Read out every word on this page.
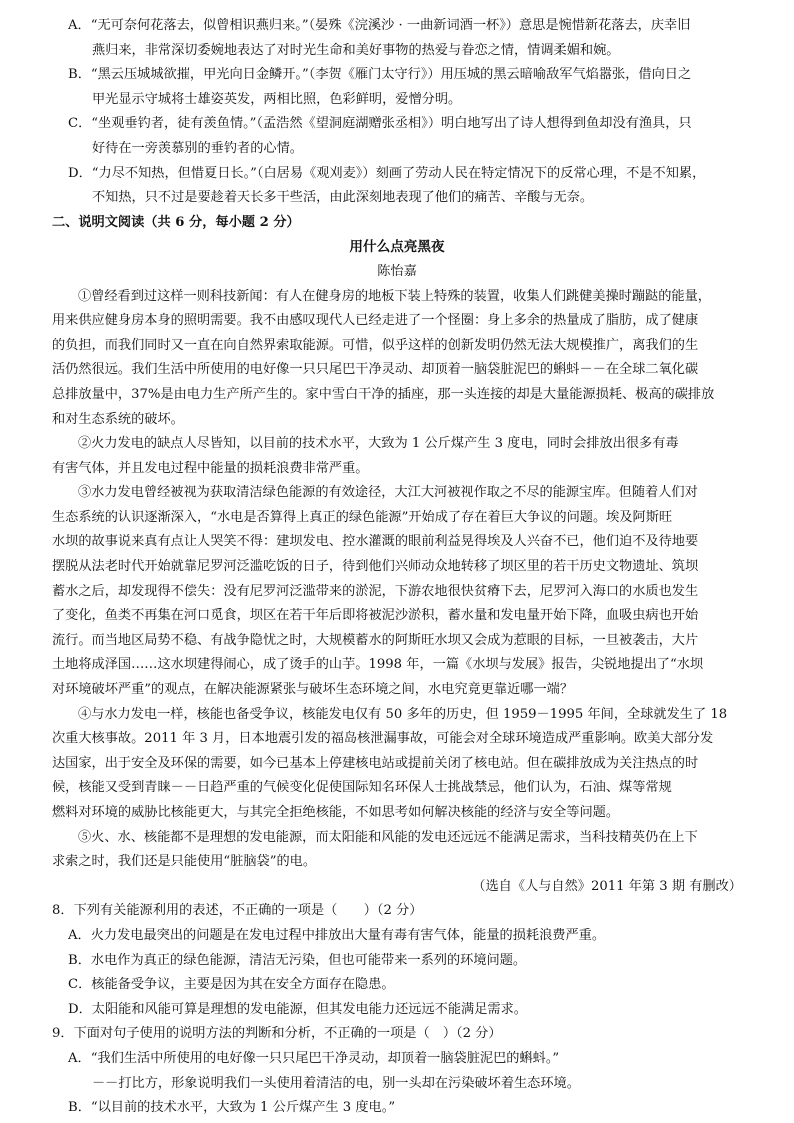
A．“无可奈何花落去，似曾相识燕归来。”（晏殊《浣溪沙 · 一曲新词酒一杯》）意思是惋惜新花落去，庆幸旧
燕归来，非常深切委婉地表达了对时光生命和美好事物的热爱与眷恋之情，情调柔媚和婉。
B．“黑云压城城欲摧，甲光向日金鳞开。”（李贺《雁门太守行》）用压城的黑云暗喻敌军气焰嚣张，借向日之
甲光显示守城将士雄姿英发，两相比照，色彩鲜明，爱憎分明。
C．“坐观垂钓者，徒有羡鱼情。”（孟浩然《望洞庭湖赠张丞相》）明白地写出了诗人想得到鱼却没有渔具，只
好待在一旁羡慕别的垂钓者的心情。
D．“力尽不知热，但惜夏日长。”（白居易《观刈麦》）刻画了劳动人民在特定情况下的反常心理，不是不知累，
不知热，只不过是要趁着天长多干些活，由此深刻地表现了他们的痛苦、辛酸与无奈。
二、说明文阅读（共 6 分，每小题 2 分）
用什么点亮黑夜
陈怡嘉
①曾经看到过这样一则科技新闻：有人在健身房的地板下装上特殊的装置，收集人们跳健美操时蹦跶的能量，
用来供应健身房本身的照明需要。我不由感叹现代人已经走进了一个怪圈：身上多余的热量成了脂肪，成了健康
的负担，而我们同时又一直在向自然界索取能源。可惜，似乎这样的创新发明仍然无法大规模推广，离我们的生
活仍然很远。我们生活中所使用的电好像一只只尾巴干净灵动、却顶着一脑袋脏泥巴的蝌蚪－－在全球二氧化碳
总排放量中，37%是由电力生产所产生的。家中雪白干净的插座，那一头连接的却是大量能源损耗、极高的碳排放
和对生态系统的破坏。
②火力发电的缺点人尽皆知，以目前的技术水平，大致为 1 公斤煤产生 3 度电，同时会排放出很多有毒
有害气体，并且发电过程中能量的损耗浪费非常严重。
③水力发电曾经被视为获取清洁绿色能源的有效途径，大江大河被视作取之不尽的能源宝库。但随着人们对
生态系统的认识逐渐深入，“水电是否算得上真正的绿色能源”开始成了存在着巨大争议的问题。埃及阿斯旺
水坝的故事说来真有点让人哭笑不得：建坝发电、控水灌溉的眼前利益晃得埃及人兴奋不已，他们迫不及待地要
摆脱从法老时代开始就靠尼罗河泛滥吃饭的日子，待到他们兴师动众地转移了坝区里的若干历史文物遗址、筑坝
蓄水之后，却发现得不偿失：没有尼罗河泛滥带来的淤泥，下游农地很快贫瘠下去，尼罗河入海口的水质也发生
了变化，鱼类不再集在河口觅食，坝区在若干年后即将被泥沙淤积，蓄水量和发电量开始下降，血吸虫病也开始
流行。而当地区局势不稳、有战争隐忧之时，大规模蓄水的阿斯旺水坝又会成为惹眼的目标，一旦被袭击，大片
土地将成泽国……这水坝建得闹心，成了烫手的山芋。1998 年，一篇《水坝与发展》报告，尖锐地提出了“水坝
对环境破坏严重”的观点，在解决能源紧张与破坏生态环境之间，水电究竟更靠近哪一端？
④与水力发电一样，核能也备受争议，核能发电仅有 50 多年的历史，但 1959－1995 年间，全球就发生了 18
次重大核事故。2011 年 3 月，日本地震引发的福岛核泄漏事故，可能会对全球环境造成严重影响。欧美大部分发
达国家，出于安全及环保的需要，如今已基本上停建核电站或提前关闭了核电站。但在碳排放成为关注热点的时
候，核能又受到青睐－－日趋严重的气候变化促使国际知名环保人士挑战禁忌，他们认为，石油、煤等常规
燃料对环境的威胁比核能更大，与其完全拒绝核能，不如思考如何解决核能的经济与安全等问题。
⑤火、水、核能都不是理想的发电能源，而太阳能和风能的发电还远远不能满足需求，当科技精英仍在上下
求索之时，我们还是只能使用“脏脑袋”的电。
（选自《人与自然》2011 年第 3 期 有删改）
8．下列有关能源利用的表述，不正确的一项是（　　）（2 分）
A．火力发电最突出的问题是在发电过程中排放出大量有毒有害气体，能量的损耗浪费严重。
B．水电作为真正的绿色能源，清洁无污染，但也可能带来一系列的环境问题。
C．核能备受争议，主要是因为其在安全方面存在隐患。
D．太阳能和风能可算是理想的发电能源，但其发电能力还远远不能满足需求。
9．下面对句子使用的说明方法的判断和分析，不正确的一项是（　）（2 分）
A．“我们生活中所使用的电好像一只只尾巴干净灵动，却顶着一脑袋脏泥巴的蝌蚪。”
－－打比方，形象说明我们一头使用着清洁的电，别一头却在污染破坏着生态环境。
B．“以目前的技术水平，大致为 1 公斤煤产生 3 度电。”
